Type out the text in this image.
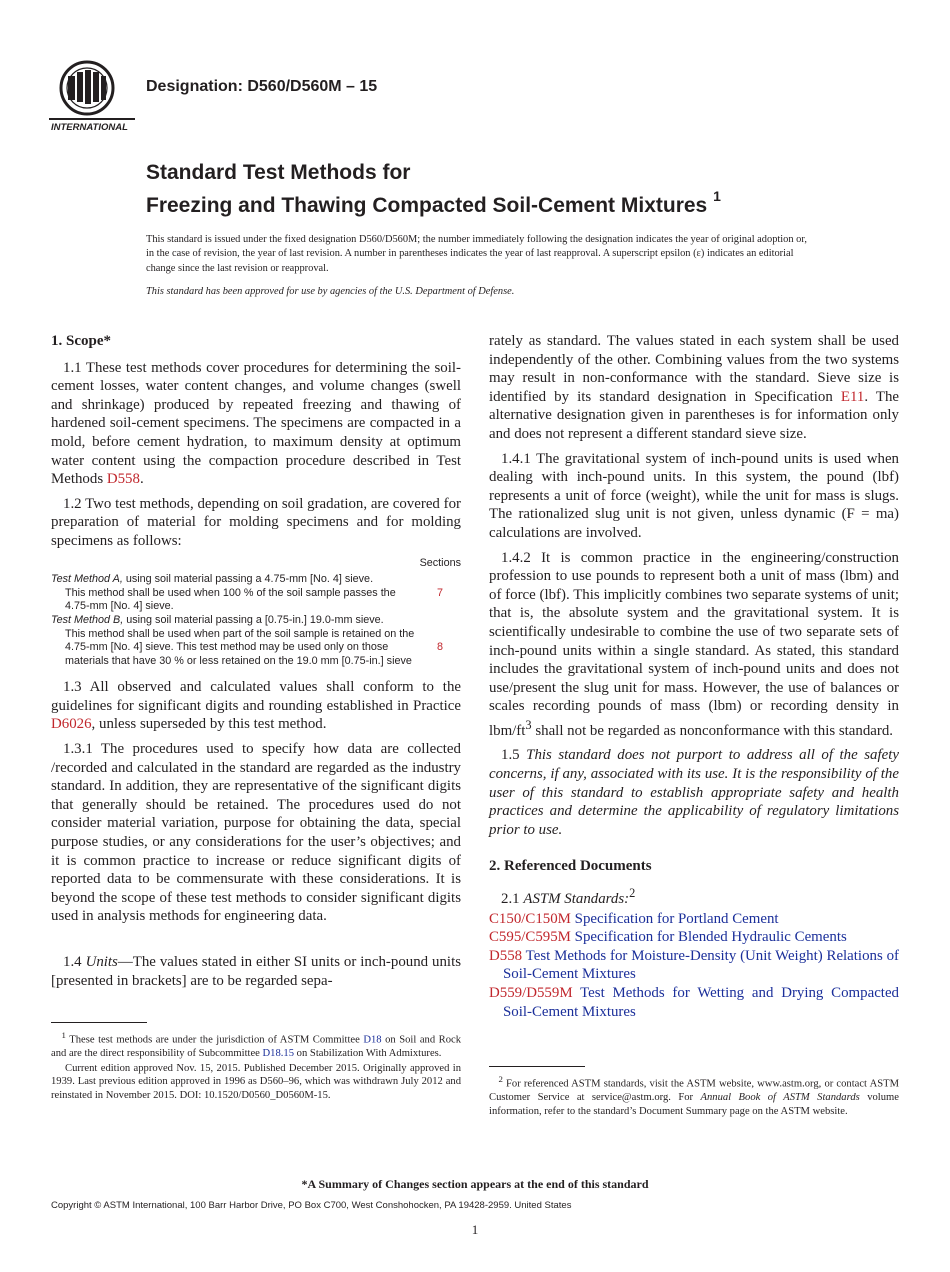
INTERNATIONAL
Designation: D560/D560M – 15
Standard Test Methods for
Freezing and Thawing Compacted Soil-Cement Mixtures $^1$

This standard is issued under the fixed designation D560/D560M; the number immediately following the designation indicates the year of original adoption or, in the case of revision, the year of last revision. A number in parentheses indicates the year of last reapproval. A superscript epsilon (ε) indicates an editorial change since the last revision or reapproval.

This standard has been approved for use by agencies of the U.S. Department of Defense.

1. Scope*

1.1 These test methods cover procedures for determining the soil-cement losses, water content changes, and volume changes (swell and shrinkage) produced by repeated freezing and thawing of hardened soil-cement specimens. The specimens are compacted in a mold, before cement hydration, to maximum density at optimum water content using the compaction procedure described in Test Methods D558.

1.2 Two test methods, depending on soil gradation, are covered for preparation of material for molding specimens and for molding specimens as follows:

Sections
Test Method A, using soil material passing a 4.75-mm [No. 4] sieve.
This method shall be used when 100 % of the soil sample passes the 4.75-mm [No. 4] sieve.
7
Test Method B, using soil material passing a [0.75-in.] 19.0-mm sieve.
This method shall be used when part of the soil sample is retained on the 4.75-mm [No. 4] sieve. This test method may be used only on those materials that have 30 % or less retained on the 19.0 mm [0.75-in.] sieve
8

1.3 All observed and calculated values shall conform to the guidelines for significant digits and rounding established in Practice D6026, unless superseded by this test method.

1.3.1 The procedures used to specify how data are collected /recorded and calculated in the standard are regarded as the industry standard. In addition, they are representative of the significant digits that generally should be retained. The procedures used do not consider material variation, purpose for obtaining the data, special purpose studies, or any considerations for the user’s objectives; and it is common practice to increase or reduce significant digits of reported data to be commensurate with these considerations. It is beyond the scope of these test methods to consider significant digits used in analysis methods for engineering data.

1.4 Units—The values stated in either SI units or inch-pound units [presented in brackets] are to be regarded sepa-

$^1$ These test methods are under the jurisdiction of ASTM Committee D18 on Soil and Rock and are the direct responsibility of Subcommittee D18.15 on Stabilization With Admixtures.

Current edition approved Nov. 15, 2015. Published December 2015. Originally approved in 1939. Last previous edition approved in 1996 as D560–96, which was withdrawn July 2012 and reinstated in November 2015. DOI: 10.1520/D0560_D0560M-15.

rately as standard. The values stated in each system shall be used independently of the other. Combining values from the two systems may result in non-conformance with the standard. Sieve size is identified by its standard designation in Specification E11. The alternative designation given in parentheses is for information only and does not represent a different standard sieve size.

1.4.1 The gravitational system of inch-pound units is used when dealing with inch-pound units. In this system, the pound (lbf) represents a unit of force (weight), while the unit for mass is slugs. The rationalized slug unit is not given, unless dynamic (F = ma) calculations are involved.

1.4.2 It is common practice in the engineering/construction profession to use pounds to represent both a unit of mass (lbm) and of force (lbf). This implicitly combines two separate systems of unit; that is, the absolute system and the gravitational system. It is scientifically undesirable to combine the use of two separate sets of inch-pound units within a single standard. As stated, this standard includes the gravitational system of inch-pound units and does not use/present the slug unit for mass. However, the use of balances or scales recording pounds of mass (lbm) or recording density in lbm/$ft^3$ shall not be regarded as nonconformance with this standard.

1.5 This standard does not purport to address all of the safety concerns, if any, associated with its use. It is the responsibility of the user of this standard to establish appropriate safety and health practices and determine the applicability of regulatory limitations prior to use.

2. Referenced Documents

2.1 ASTM Standards:$^2$

C150/C150M Specification for Portland Cement

C595/C595M Specification for Blended Hydraulic Cements

D558 Test Methods for Moisture-Density (Unit Weight) Relations of Soil-Cement Mixtures

D559/D559M Test Methods for Wetting and Drying Compacted Soil-Cement Mixtures

$^2$ For referenced ASTM standards, visit the ASTM website, www.astm.org, or contact ASTM Customer Service at service@astm.org. For Annual Book of ASTM Standards volume information, refer to the standard’s Document Summary page on the ASTM website.

*A Summary of Changes section appears at the end of this standard
Copyright © ASTM International, 100 Barr Harbor Drive, PO Box C700, West Conshohocken, PA 19428-2959. United States
1
